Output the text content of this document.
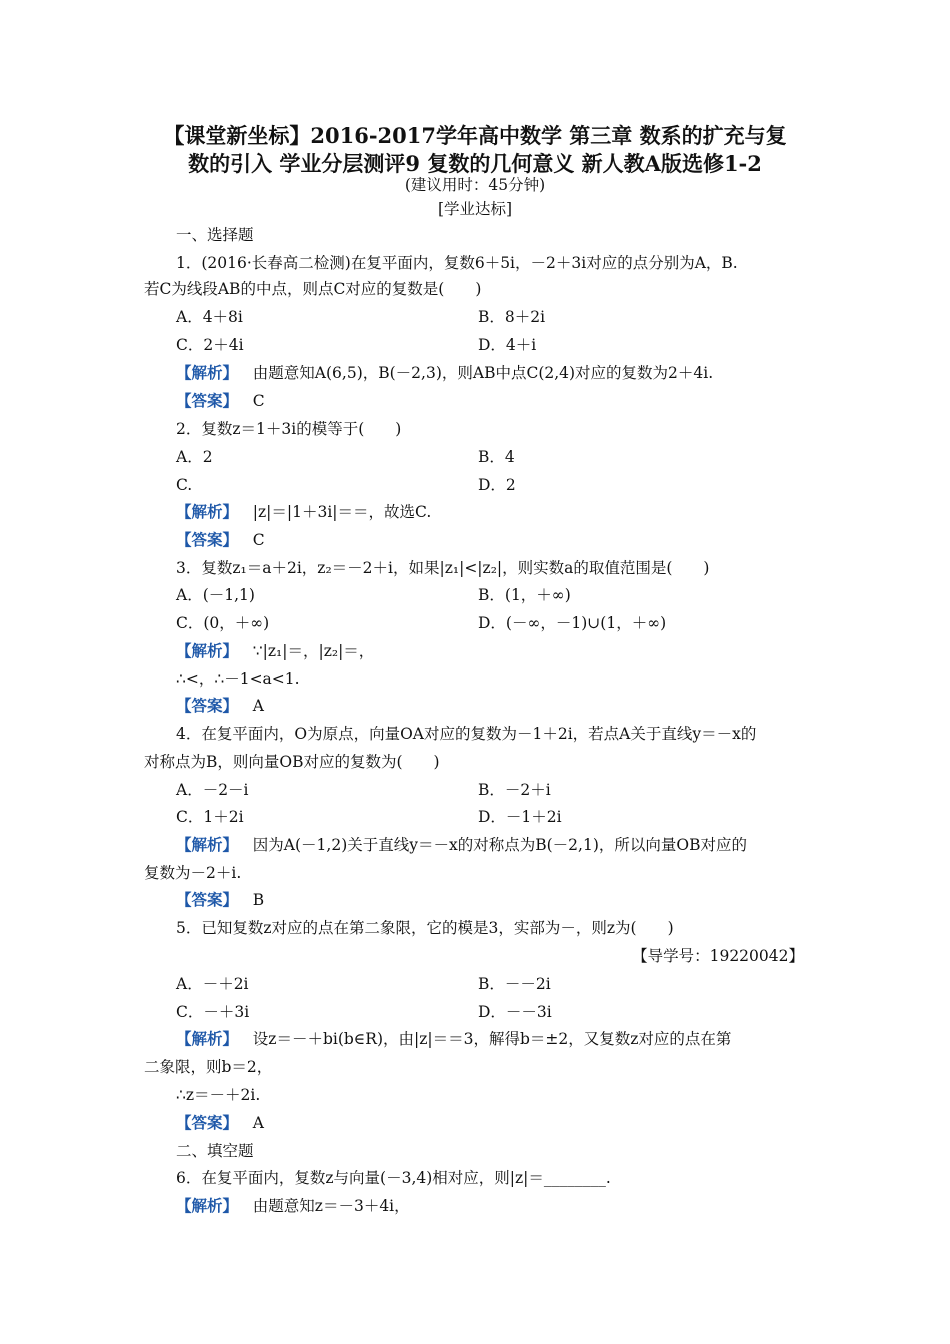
【课堂新坐标】2016-2017学年高中数学 第三章 数系的扩充与复
数的引入 学业分层测评9 复数的几何意义 新人教A版选修1-2
(建议用时：45分钟)
[学业达标]
一、选择题
1．(2016·长春高二检测)在复平面内，复数6＋5i，－2＋3i对应的点分别为A，B.
若C为线段AB的中点，则点C对应的复数是(　　)
A．4＋8i	B．8＋2i
C．2＋4i	D．4＋i
【解析】 由题意知A(6,5)，B(－2,3)，则AB中点C(2,4)对应的复数为2＋4i.
【答案】 C
2．复数z＝1＋3i的模等于(　　)
A．2	B．4
C.	D．2
【解析】 |z|＝|1＋3i|＝＝，故选C.
【答案】 C
3．复数z₁＝a＋2i，z₂＝－2＋i，如果|z₁|<|z₂|，则实数a的取值范围是(　　)
A．(－1,1)	B．(1，＋∞)
C．(0，＋∞)	D．(－∞，－1)∪(1，＋∞)
【解析】 ∵|z₁|＝，|z₂|＝，
∴<，∴－1<a<1.
【答案】 A
4．在复平面内，O为原点，向量OA对应的复数为－1＋2i，若点A关于直线y＝－x的
对称点为B，则向量OB对应的复数为(　　)
A．－2－i	B．－2＋i
C．1＋2i	D．－1＋2i
【解析】 因为A(－1,2)关于直线y＝－x的对称点为B(－2,1)，所以向量OB对应的
复数为－2＋i.
【答案】 B
5．已知复数z对应的点在第二象限，它的模是3，实部为－，则z为(　　)
【导学号：19220042】
A．－＋2i	B．－－2i
C．－＋3i	D．－－3i
【解析】 设z＝－＋bi(b∈R)，由|z|＝＝3，解得b＝±2，又复数z对应的点在第
二象限，则b＝2，
∴z＝－＋2i.
【答案】 A
二、填空题
6．在复平面内，复数z与向量(－3,4)相对应，则|z|＝________.
【解析】 由题意知z＝－3＋4i，
